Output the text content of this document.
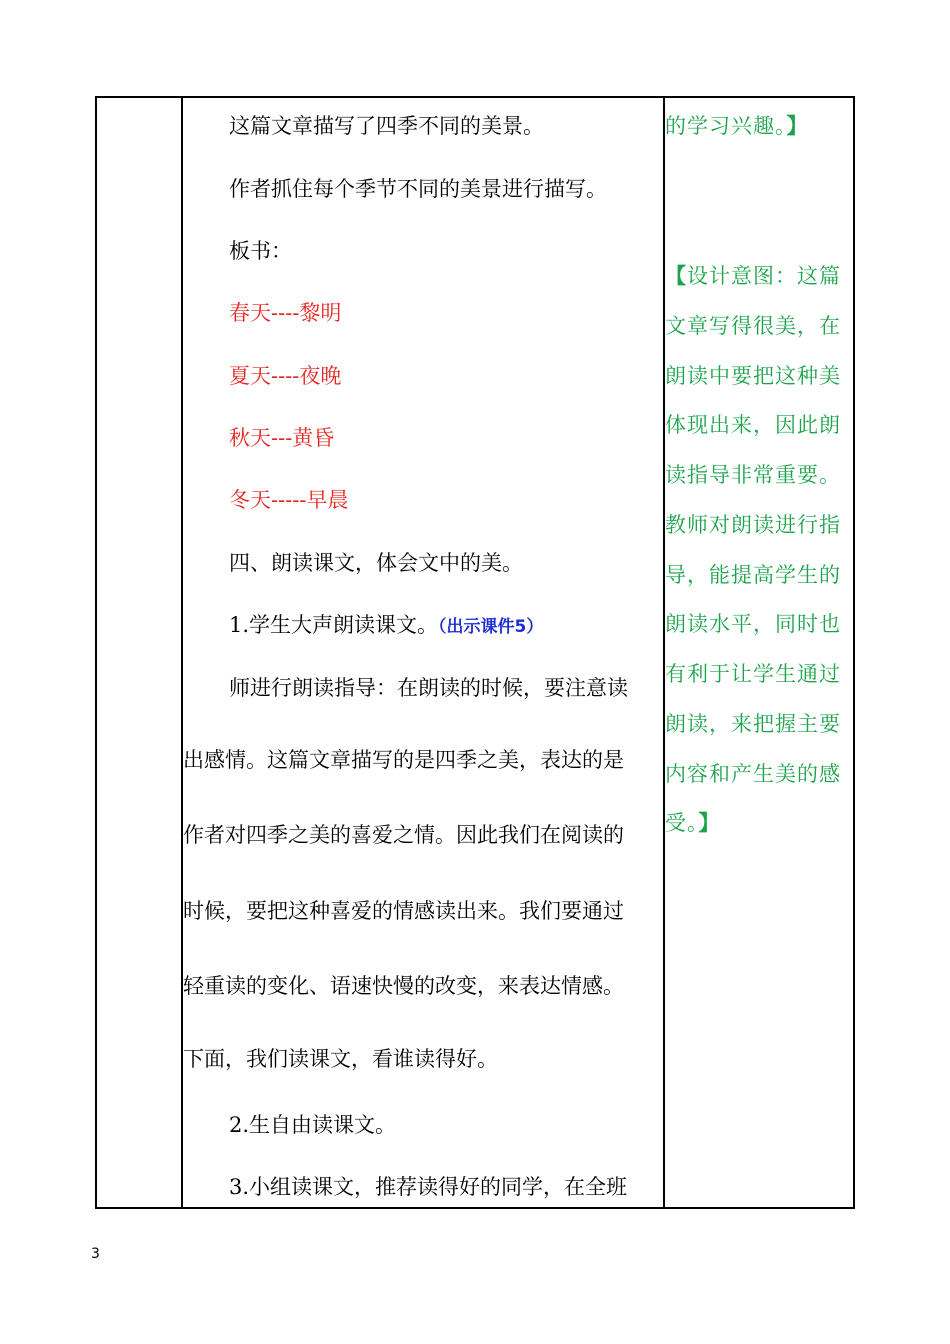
这篇文章描写了四季不同的美景。
作者抓住每个季节不同的美景进行描写。
板书：
春天----黎明
夏天----夜晚
秋天---黄昏
冬天-----早晨
四、朗读课文，体会文中的美。
1.学生大声朗读课文。（出示课件5）
师进行朗读指导：在朗读的时候，要注意读
出感情。这篇文章描写的是四季之美，表达的是
作者对四季之美的喜爱之情。因此我们在阅读的
时候，要把这种喜爱的情感读出来。我们要通过
轻重读的变化、语速快慢的改变，来表达情感。
下面，我们读课文，看谁读得好。
2.生自由读课文。
3.小组读课文，推荐读得好的同学，在全班
的学习兴趣。】
【设计意图：这篇
文章写得很美，在
朗读中要把这种美
体现出来，因此朗
读指导非常重要。
教师对朗读进行指
导，能提高学生的
朗读水平，同时也
有利于让学生通过
朗读，来把握主要
内容和产生美的感
受。】
3
